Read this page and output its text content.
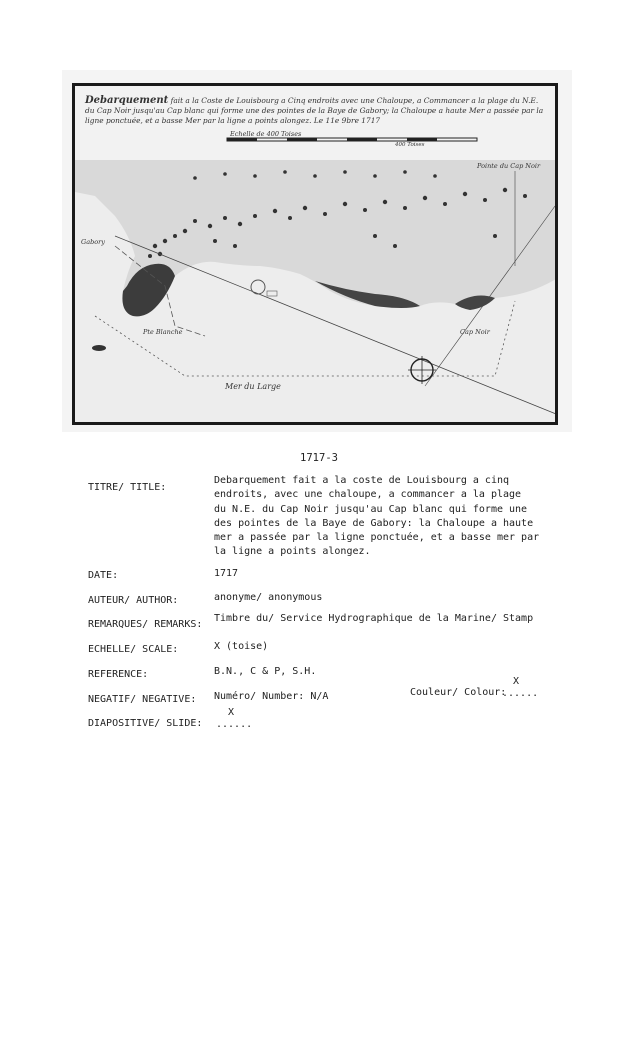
Debarquement fait a la Coste de Louisbourg a Cinq endroits avec une Chaloupe, a Commancer a la plage du N.E. du Cap Noir jusqu'au Cap blanc qui forme une des pointes de la Baye de Gabory; la Chaloupe a haute Mer a passée par la ligne ponctuée, et a basse Mer par la ligne a points alongez. Le 11e 9bre 1717
Echelle de 400 Toises
400 Toises
Pointe du Cap Noir
Gabory
Pte Blanche	Cap Noir
Mer du Large
1717-3
TITRE/ TITLE:
Debarquement fait a la coste de Louisbourg a cinq
endroits, avec une chaloupe, a commancer a la plage
du N.E. du Cap Noir jusqu'au Cap blanc qui forme une
des pointes de la Baye de Gabory: la Chaloupe a haute
mer a passée par la ligne ponctuée, et a basse mer par
la ligne a points alongez.
DATE:	1717
AUTEUR/ AUTHOR:	anonyme/ anonymous
REMARQUES/ REMARKS:
Timbre du/ Service Hydrographique de la Marine/ Stamp
ECHELLE/ SCALE:	X (toise)
REFERENCE:	B.N., C & P, S.H.
NEGATIF/ NEGATIVE: Numéro/ Number: N/A	Couleur/ Colour:
X
......
DIAPOSITIVE/ SLIDE:
X
......
